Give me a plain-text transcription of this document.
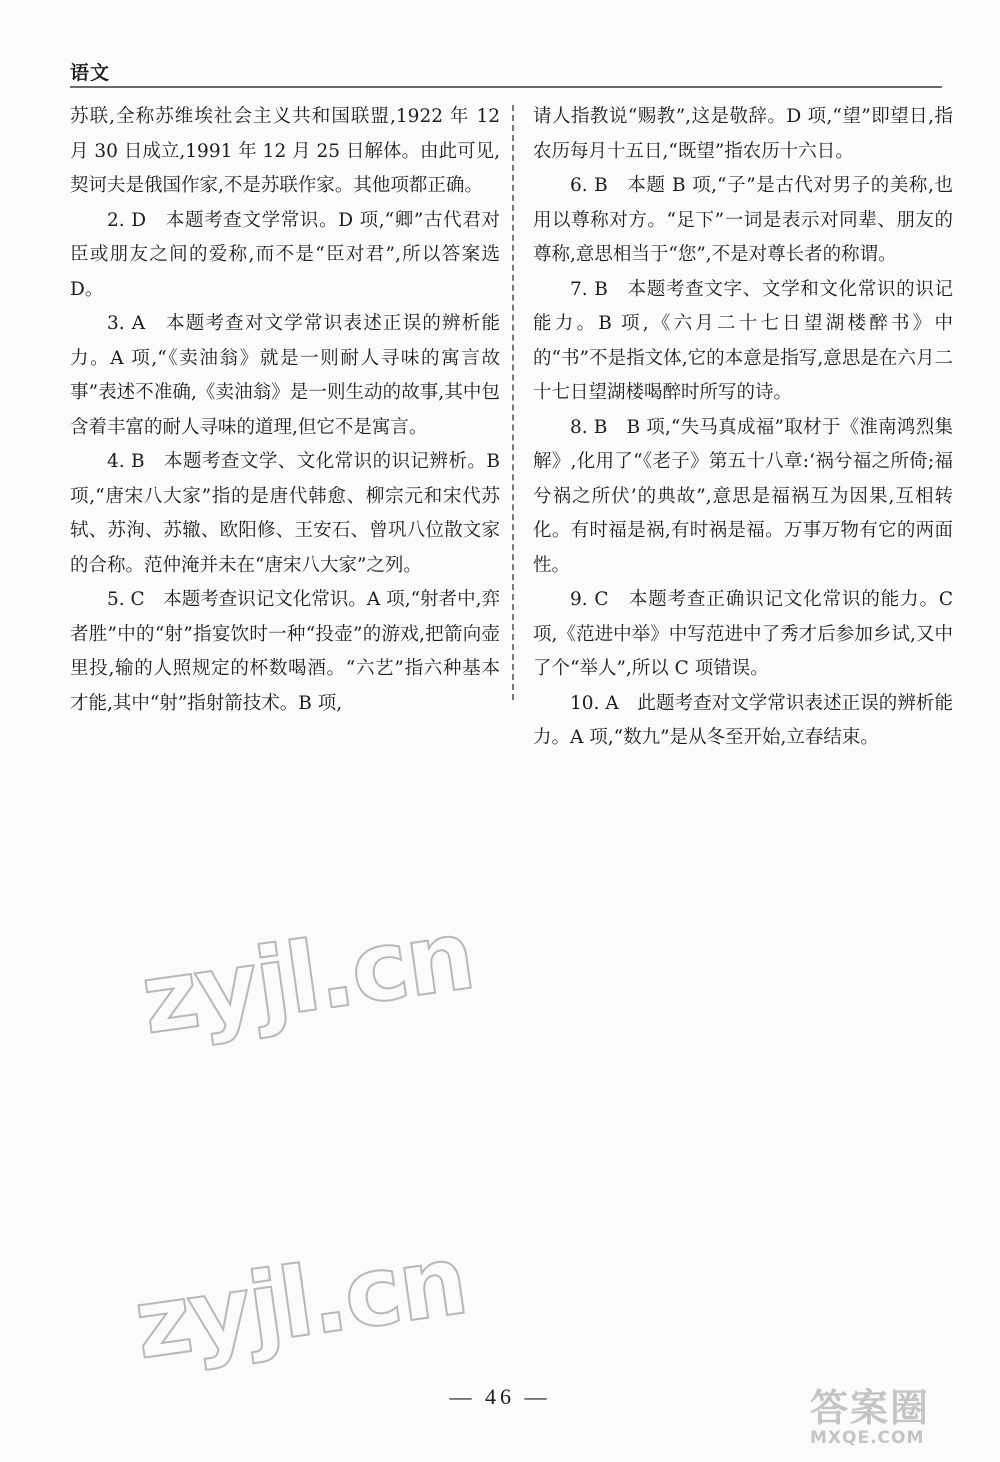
语文

苏联,全称苏维埃社会主义共和国联盟,1922 年 12 月 30 日成立,1991 年 12 月 25 日解体。由此可见,契诃夫是俄国作家,不是苏联作家。其他项都正确。

2. D　本题考查文学常识。D 项,“卿”古代君对臣或朋友之间的爱称,而不是“臣对君”,所以答案选 D。

3. A　本题考查对文学常识表述正误的辨析能力。A 项,“《卖油翁》就是一则耐人寻味的寓言故事”表述不准确,《卖油翁》是一则生动的故事,其中包含着丰富的耐人寻味的道理,但它不是寓言。

4. B　本题考查文学、文化常识的识记辨析。B 项,“唐宋八大家”指的是唐代韩愈、柳宗元和宋代苏轼、苏洵、苏辙、欧阳修、王安石、曾巩八位散文家的合称。范仲淹并未在“唐宋八大家”之列。

5. C　本题考查识记文化常识。A 项,“射者中,弈者胜”中的“射”指宴饮时一种“投壶”的游戏,把箭向壶里投,输的人照规定的杯数喝酒。“六艺”指六种基本才能,其中“射”指射箭技术。B 项,

请人指教说“赐教”,这是敬辞。D 项,“望”即望日,指农历每月十五日,“既望”指农历十六日。

6. B　本题 B 项,“子”是古代对男子的美称,也用以尊称对方。“足下”一词是表示对同辈、朋友的尊称,意思相当于“您”,不是对尊长者的称谓。

7. B　本题考查文字、文学和文化常识的识记能力。B 项,《六月二十七日望湖楼醉书》中的“书”不是指文体,它的本意是指写,意思是在六月二十七日望湖楼喝醉时所写的诗。

8. B　B 项,“失马真成福”取材于《淮南鸿烈集解》,化用了“《老子》第五十八章:‘祸兮福之所倚;福兮祸之所伏’的典故”,意思是福祸互为因果,互相转化。有时福是祸,有时祸是福。万事万物有它的两面性。

9. C　本题考查正确识记文化常识的能力。C 项,《范进中举》中写范进中了秀才后参加乡试,又中了个“举人”,所以 C 项错误。

10. A　此题考查对文学常识表述正误的辨析能力。A 项,“数九”是从冬至开始,立春结束。

zyjl.cn
zyjl.cn
— 46 —	答案圈
MXQE.COM
